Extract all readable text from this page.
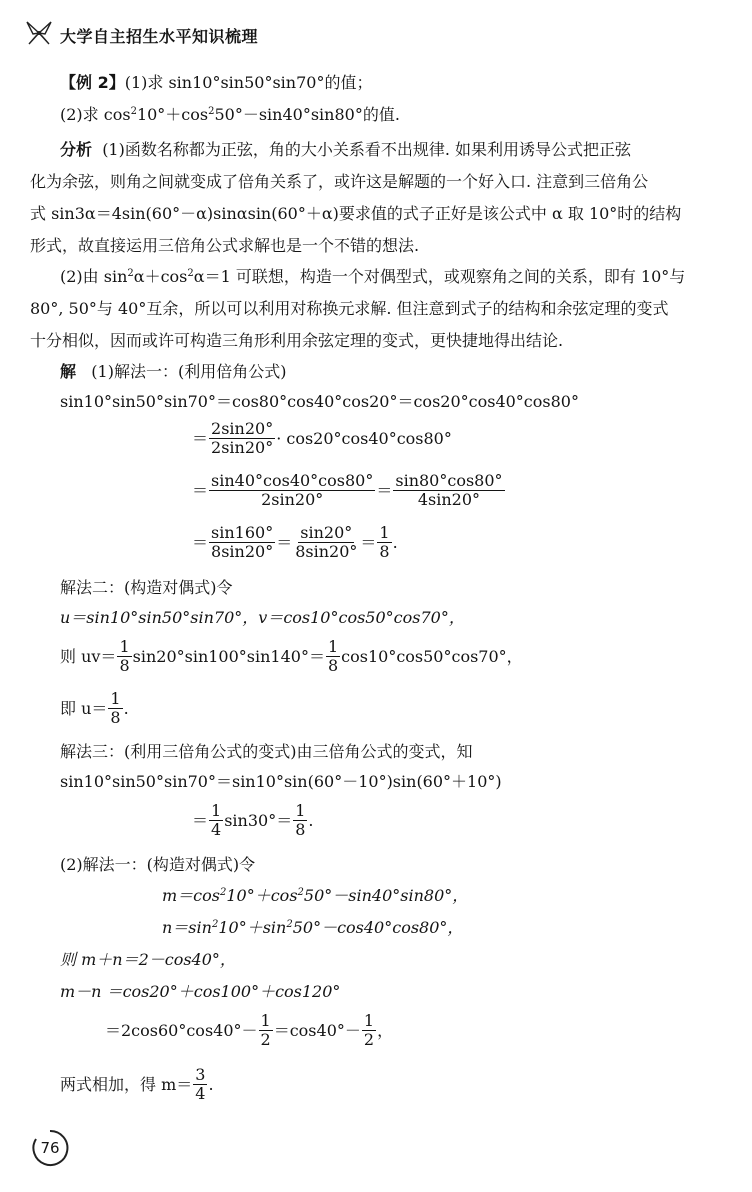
大学自主招生水平知识梳理
【例 2】(1)求 sin10°sin50°sin70°的值；
(2)求 $\cos^210^\circ+\cos^250^\circ-\sin 40^\circ\sin 80^\circ$的值.
分析 (1)函数名称都为正弦，角的大小关系看不出规律. 如果利用诱导公式把正弦
化为余弦，则角之间就变成了倍角关系了，或许这是解题的一个好入口. 注意到三倍角公
式 sin3α＝4sin(60°－α)sinαsin(60°＋α)要求值的式子正好是该公式中 α 取 10°时的结构
形式，故直接运用三倍角公式求解也是一个不错的想法.
(2)由 $\sin^2\alpha+\cos^2\alpha=1$ 可联想，构造一个对偶型式，或观察角之间的关系，即有 10°与
80°, 50°与 40°互余，所以可以利用对称换元求解. 但注意到式子的结构和余弦定理的变式
十分相似，因而或许可构造三角形利用余弦定理的变式，更快捷地得出结论.
解 (1)解法一：(利用倍角公式)
sin10°sin50°sin70°＝cos80°cos40°cos20°＝cos20°cos40°cos80°
＝ $\frac{2\sin 20^\circ}{2\sin 20^\circ} \cdot \cos 20^\circ\cos 40^\circ\cos 80^\circ$
＝ $\frac{\sin 40^\circ\cos 40^\circ\cos 80^\circ}{2\sin 20^\circ} = \frac{\sin 80^\circ\cos 80^\circ}{4\sin 20^\circ}$
＝ $\frac{\sin 160^\circ}{8\sin 20^\circ} = \frac{\sin 20^\circ}{8\sin 20^\circ} = \frac{1}{8}$ .
解法二：(构造对偶式)令
u＝sin10°sin50°sin70°，v＝cos10°cos50°cos70°，
则 $uv= \frac{1}{8} \sin 20^\circ\sin 100^\circ\sin 140^\circ= \frac{1}{8} \cos 10^\circ\cos 50^\circ\cos 70^\circ$，
即 $u= \frac{1}{8}$ .
解法三：(利用三倍角公式的变式)由三倍角公式的变式，知
sin10°sin50°sin70°＝sin10°sin(60°－10°)sin(60°＋10°)
＝ $\frac{1}{4} \sin 30^\circ= \frac{1}{8}$ .
(2)解法一：(构造对偶式)令
$m=\cos^210^\circ+\cos^250^\circ-\sin 40^\circ\sin 80^\circ$，
$n=\sin^210^\circ+\sin^250^\circ-\cos 40^\circ\cos 80^\circ$，
则 m＋n＝2－cos40°，
m－n ＝cos20°＋cos100°＋cos120°
$=2\cos 60^\circ\cos 40^\circ- \frac{1}{2} =\cos 40^\circ- \frac{1}{2}$ ，
两式相加，得 $m= \frac{3}{4}$ .
76
